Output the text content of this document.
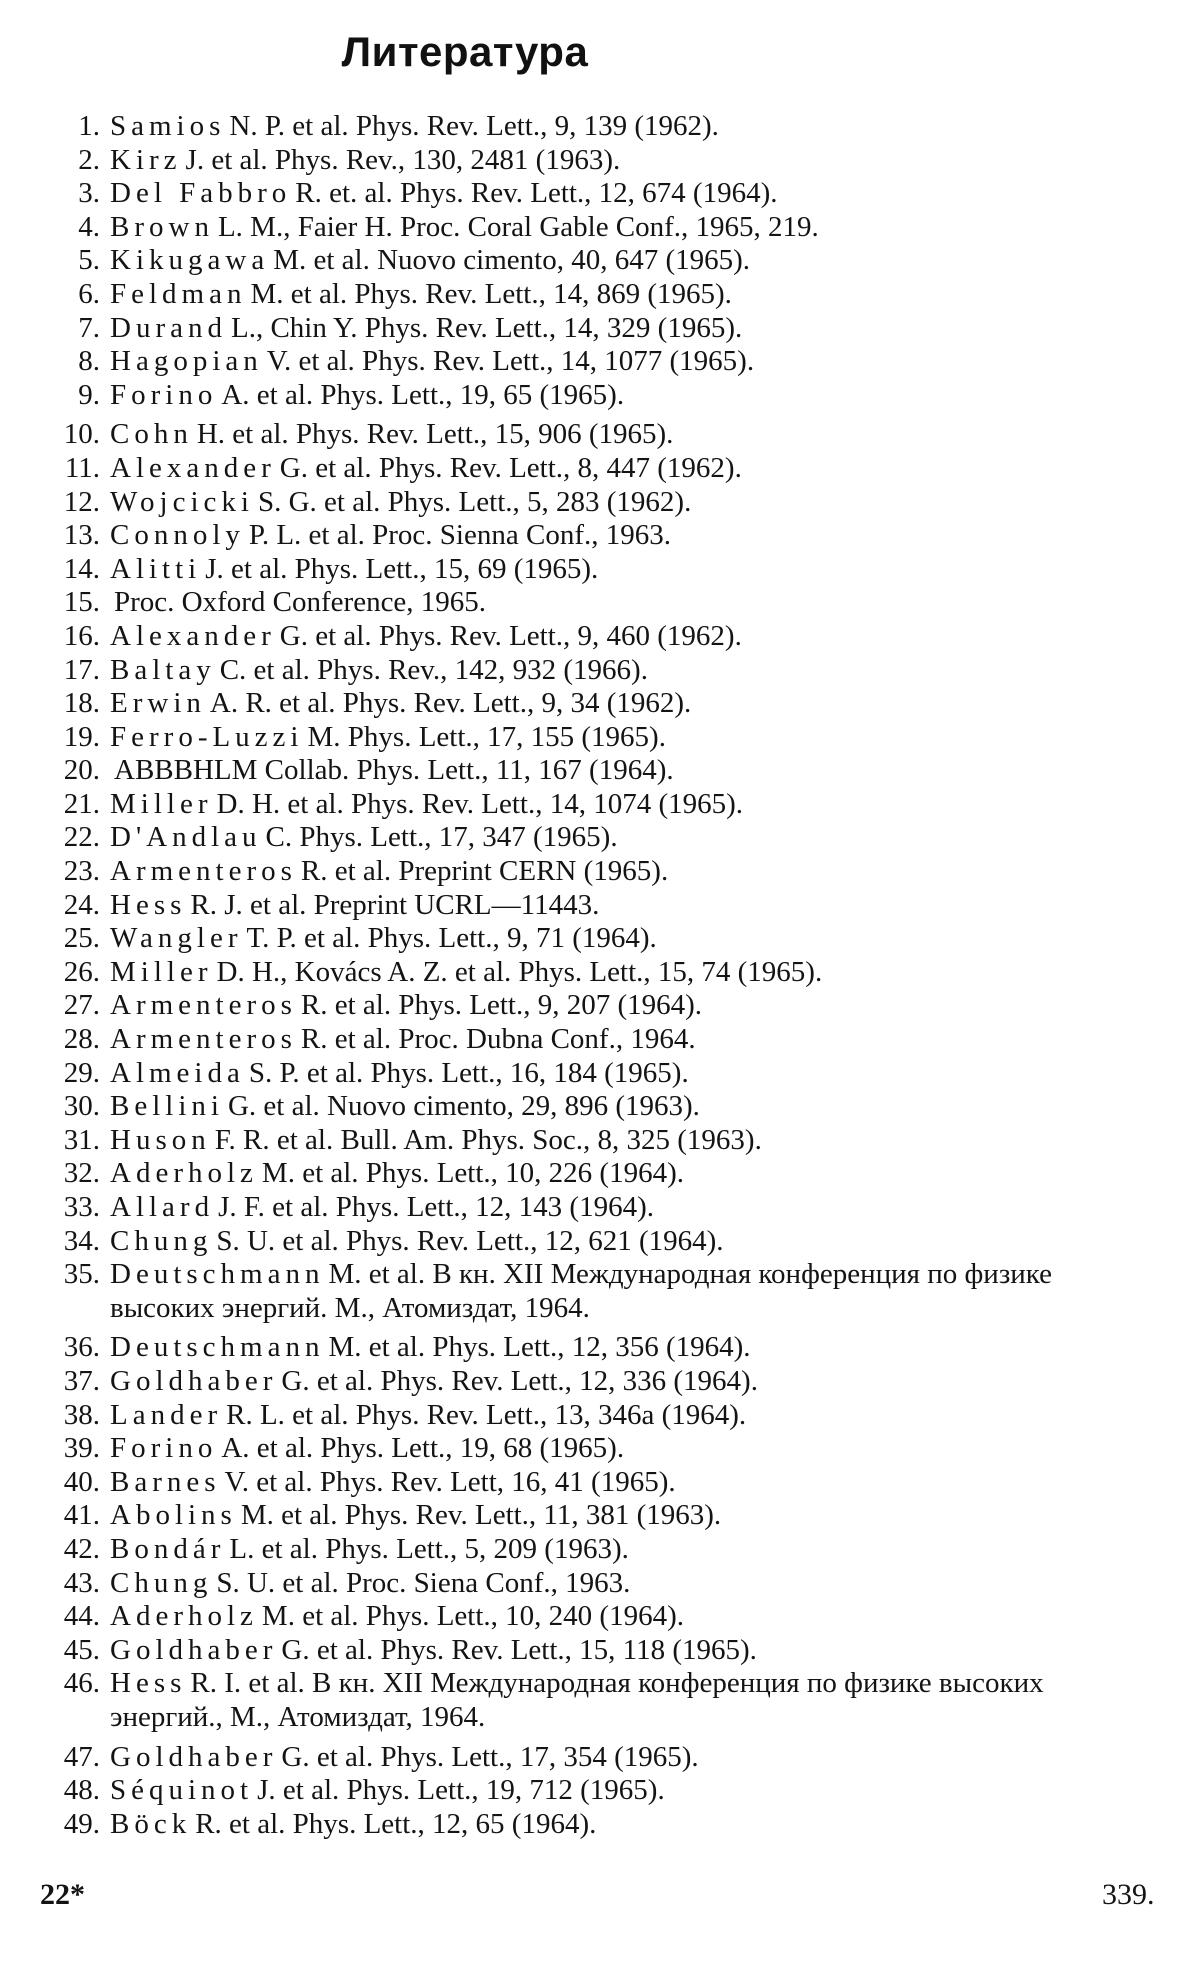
Литература
1. Samios N. P. et al. Phys. Rev. Lett., 9, 139 (1962).
2. Kirz J. et al. Phys. Rev., 130, 2481 (1963).
3. Del Fabbro R. et. al. Phys. Rev. Lett., 12, 674 (1964).
4. Brown L. M., Faier H. Proc. Coral Gable Conf., 1965, 219.
5. Kikugawa M. et al. Nuovo cimento, 40, 647 (1965).
6. Feldman M. et al. Phys. Rev. Lett., 14, 869 (1965).
7. Durand L., Chin Y. Phys. Rev. Lett., 14, 329 (1965).
8. Hagopian V. et al. Phys. Rev. Lett., 14, 1077 (1965).
9. Forino A. et al. Phys. Lett., 19, 65 (1965).
10. Cohn H. et al. Phys. Rev. Lett., 15, 906 (1965).
11. Alexander G. et al. Phys. Rev. Lett., 8, 447 (1962).
12. Wojcicki S. G. et al. Phys. Lett., 5, 283 (1962).
13. Connoly P. L. et al. Proc. Sienna Conf., 1963.
14. Alitti J. et al. Phys. Lett., 15, 69 (1965).
15. Proc. Oxford Conference, 1965.
16. Alexander G. et al. Phys. Rev. Lett., 9, 460 (1962).
17. Baltay C. et al. Phys. Rev., 142, 932 (1966).
18. Erwin A. R. et al. Phys. Rev. Lett., 9, 34 (1962).
19. Ferro-Luzzi M. Phys. Lett., 17, 155 (1965).
20. ABBBHLM Collab. Phys. Lett., 11, 167 (1964).
21. Miller D. H. et al. Phys. Rev. Lett., 14, 1074 (1965).
22. D'Andlau C. Phys. Lett., 17, 347 (1965).
23. Armenteros R. et al. Preprint CERN (1965).
24. Hess R. J. et al. Preprint UCRL—11443.
25. Wangler T. P. et al. Phys. Lett., 9, 71 (1964).
26. Miller D. H., Kovács A. Z. et al. Phys. Lett., 15, 74 (1965).
27. Armenteros R. et al. Phys. Lett., 9, 207 (1964).
28. Armenteros R. et al. Proc. Dubna Conf., 1964.
29. Almeida S. P. et al. Phys. Lett., 16, 184 (1965).
30. Bellini G. et al. Nuovo cimento, 29, 896 (1963).
31. Huson F. R. et al. Bull. Am. Phys. Soc., 8, 325 (1963).
32. Aderholz M. et al. Phys. Lett., 10, 226 (1964).
33. Allard J. F. et al. Phys. Lett., 12, 143 (1964).
34. Chung S. U. et al. Phys. Rev. Lett., 12, 621 (1964).
35. Deutschmann M. et al. В кн. XII Международная конференция по физике высоких энергий. М., Атомиздат, 1964.
36. Deutschmann M. et al. Phys. Lett., 12, 356 (1964).
37. Goldhaber G. et al. Phys. Rev. Lett., 12, 336 (1964).
38. Lander R. L. et al. Phys. Rev. Lett., 13, 346a (1964).
39. Forino A. et al. Phys. Lett., 19, 68 (1965).
40. Barnes V. et al. Phys. Rev. Lett, 16, 41 (1965).
41. Abolins M. et al. Phys. Rev. Lett., 11, 381 (1963).
42. Bondár L. et al. Phys. Lett., 5, 209 (1963).
43. Chung S. U. et al. Proc. Siena Conf., 1963.
44. Aderholz M. et al. Phys. Lett., 10, 240 (1964).
45. Goldhaber G. et al. Phys. Rev. Lett., 15, 118 (1965).
46. Hess R. I. et al. В кн. XII Международная конференция по физике высоких энергий., М., Атомиздат, 1964.
47. Goldhaber G. et al. Phys. Lett., 17, 354 (1965).
48. Séquinot J. et al. Phys. Lett., 19, 712 (1965).
49. Böck R. et al. Phys. Lett., 12, 65 (1964).
22*	339.
